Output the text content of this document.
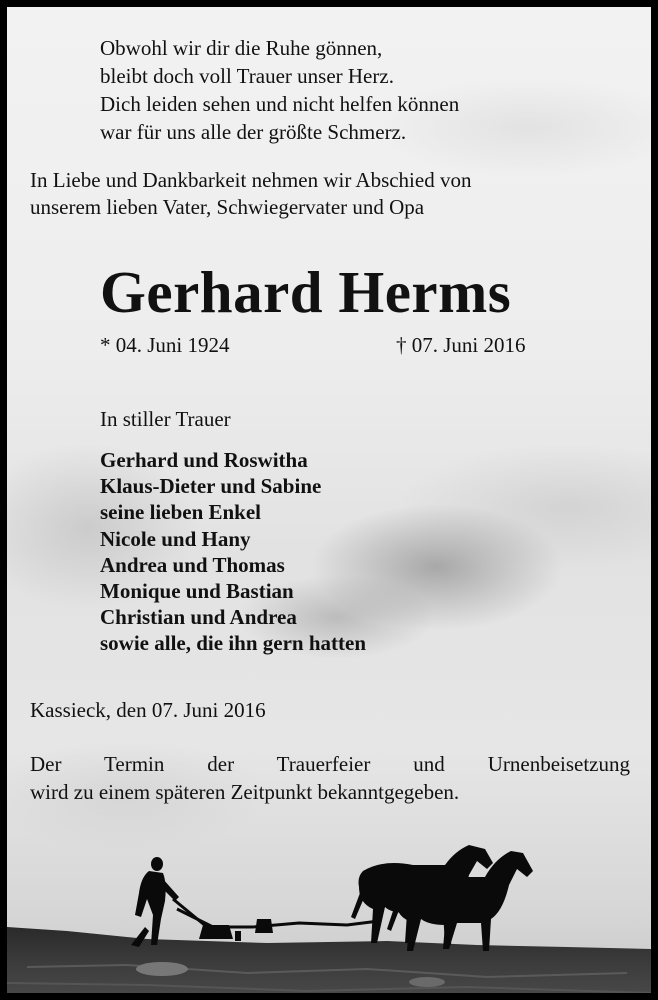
Obwohl wir dir die Ruhe gönnen,
bleibt doch voll Trauer unser Herz.
Dich leiden sehen und nicht helfen können
war für uns alle der größte Schmerz.

In Liebe und Dankbarkeit nehmen wir Abschied von
unserem lieben Vater, Schwiegervater und Opa

Gerhard Herms
* 04. Juni 1924	† 07. Juni 2016
In stiller Trauer
Gerhard und Roswitha
Klaus-Dieter und Sabine
seine lieben Enkel
Nicole und Hany
Andrea und Thomas
Monique und Bastian
Christian und Andrea
sowie alle, die ihn gern hatten
Kassieck, den 07. Juni 2016
Der Termin der Trauerfeier und Urnenbeisetzung
wird zu einem späteren Zeitpunkt bekanntgegeben.
